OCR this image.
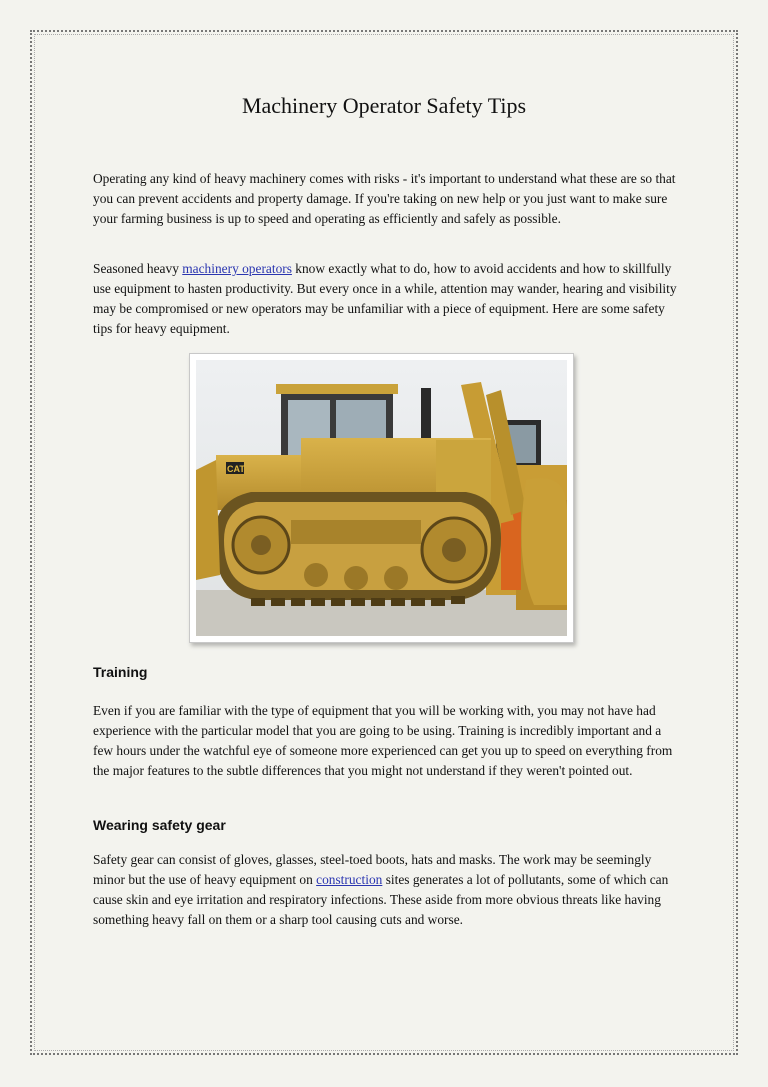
Machinery Operator Safety Tips

Operating any kind of heavy machinery comes with risks - it's important to understand what these are so that you can prevent accidents and property damage. If you're taking on new help or you just want to make sure your farming business is up to speed and operating as efficiently and safely as possible.

Seasoned heavy machinery operators know exactly what to do, how to avoid accidents and how to skillfully use equipment to hasten productivity. But every once in a while, attention may wander, hearing and visibility may be compromised or new operators may be unfamiliar with a piece of equipment. Here are some safety tips for heavy equipment.

CAT
Training

Even if you are familiar with the type of equipment that you will be working with, you may not have had experience with the particular model that you are going to be using. Training is incredibly important and a few hours under the watchful eye of someone more experienced can get you up to speed on everything from the major features to the subtle differences that you might not understand if they weren't pointed out.

Wearing safety gear

Safety gear can consist of gloves, glasses, steel-toed boots, hats and masks. The work may be seemingly minor but the use of heavy equipment on construction sites generates a lot of pollutants, some of which can cause skin and eye irritation and respiratory infections. These aside from more obvious threats like having something heavy fall on them or a sharp tool causing cuts and worse.
